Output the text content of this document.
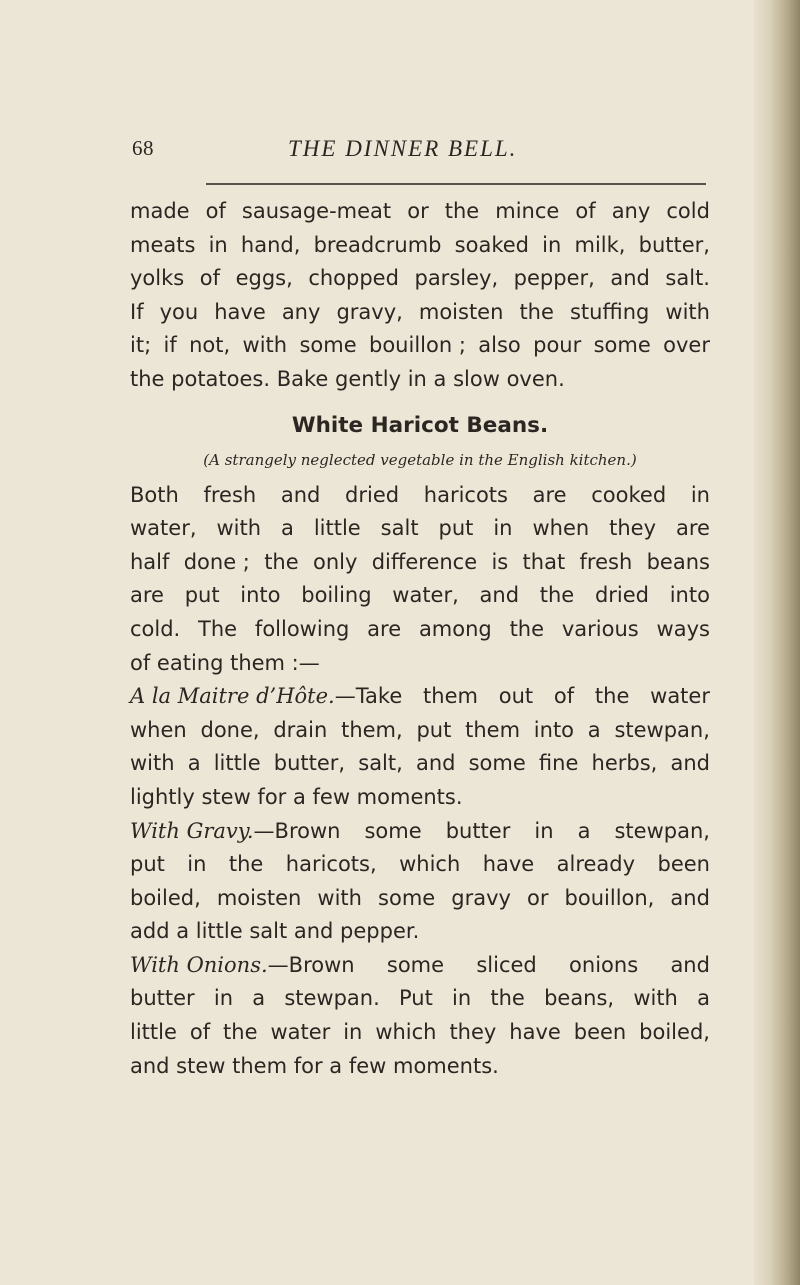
68	THE DINNER BELL.
made of sausage-meat or the mince of any cold
meats in hand, breadcrumb soaked in milk, butter,
yolks of eggs, chopped parsley, pepper, and salt.
If you have any gravy, moisten the stuffing with
it; if not, with some bouillon ; also pour some over
the potatoes. Bake gently in a slow oven.
White Haricot Beans.
(A strangely neglected vegetable in the English kitchen.)
Both fresh and dried haricots are cooked in
water, with a little salt put in when they are
half done ; the only difference is that fresh beans
are put into boiling water, and the dried into
cold. The following are among the various ways
of eating them :—
A la Maitre d’Hôte.—Take them out of the water
when done, drain them, put them into a stewpan,
with a little butter, salt, and some fine herbs, and
lightly stew for a few moments.
With Gravy.—Brown some butter in a stewpan,
put in the haricots, which have already been
boiled, moisten with some gravy or bouillon, and
add a little salt and pepper.
With Onions.—Brown some sliced onions and
butter in a stewpan. Put in the beans, with a
little of the water in which they have been boiled,
and stew them for a few moments.
